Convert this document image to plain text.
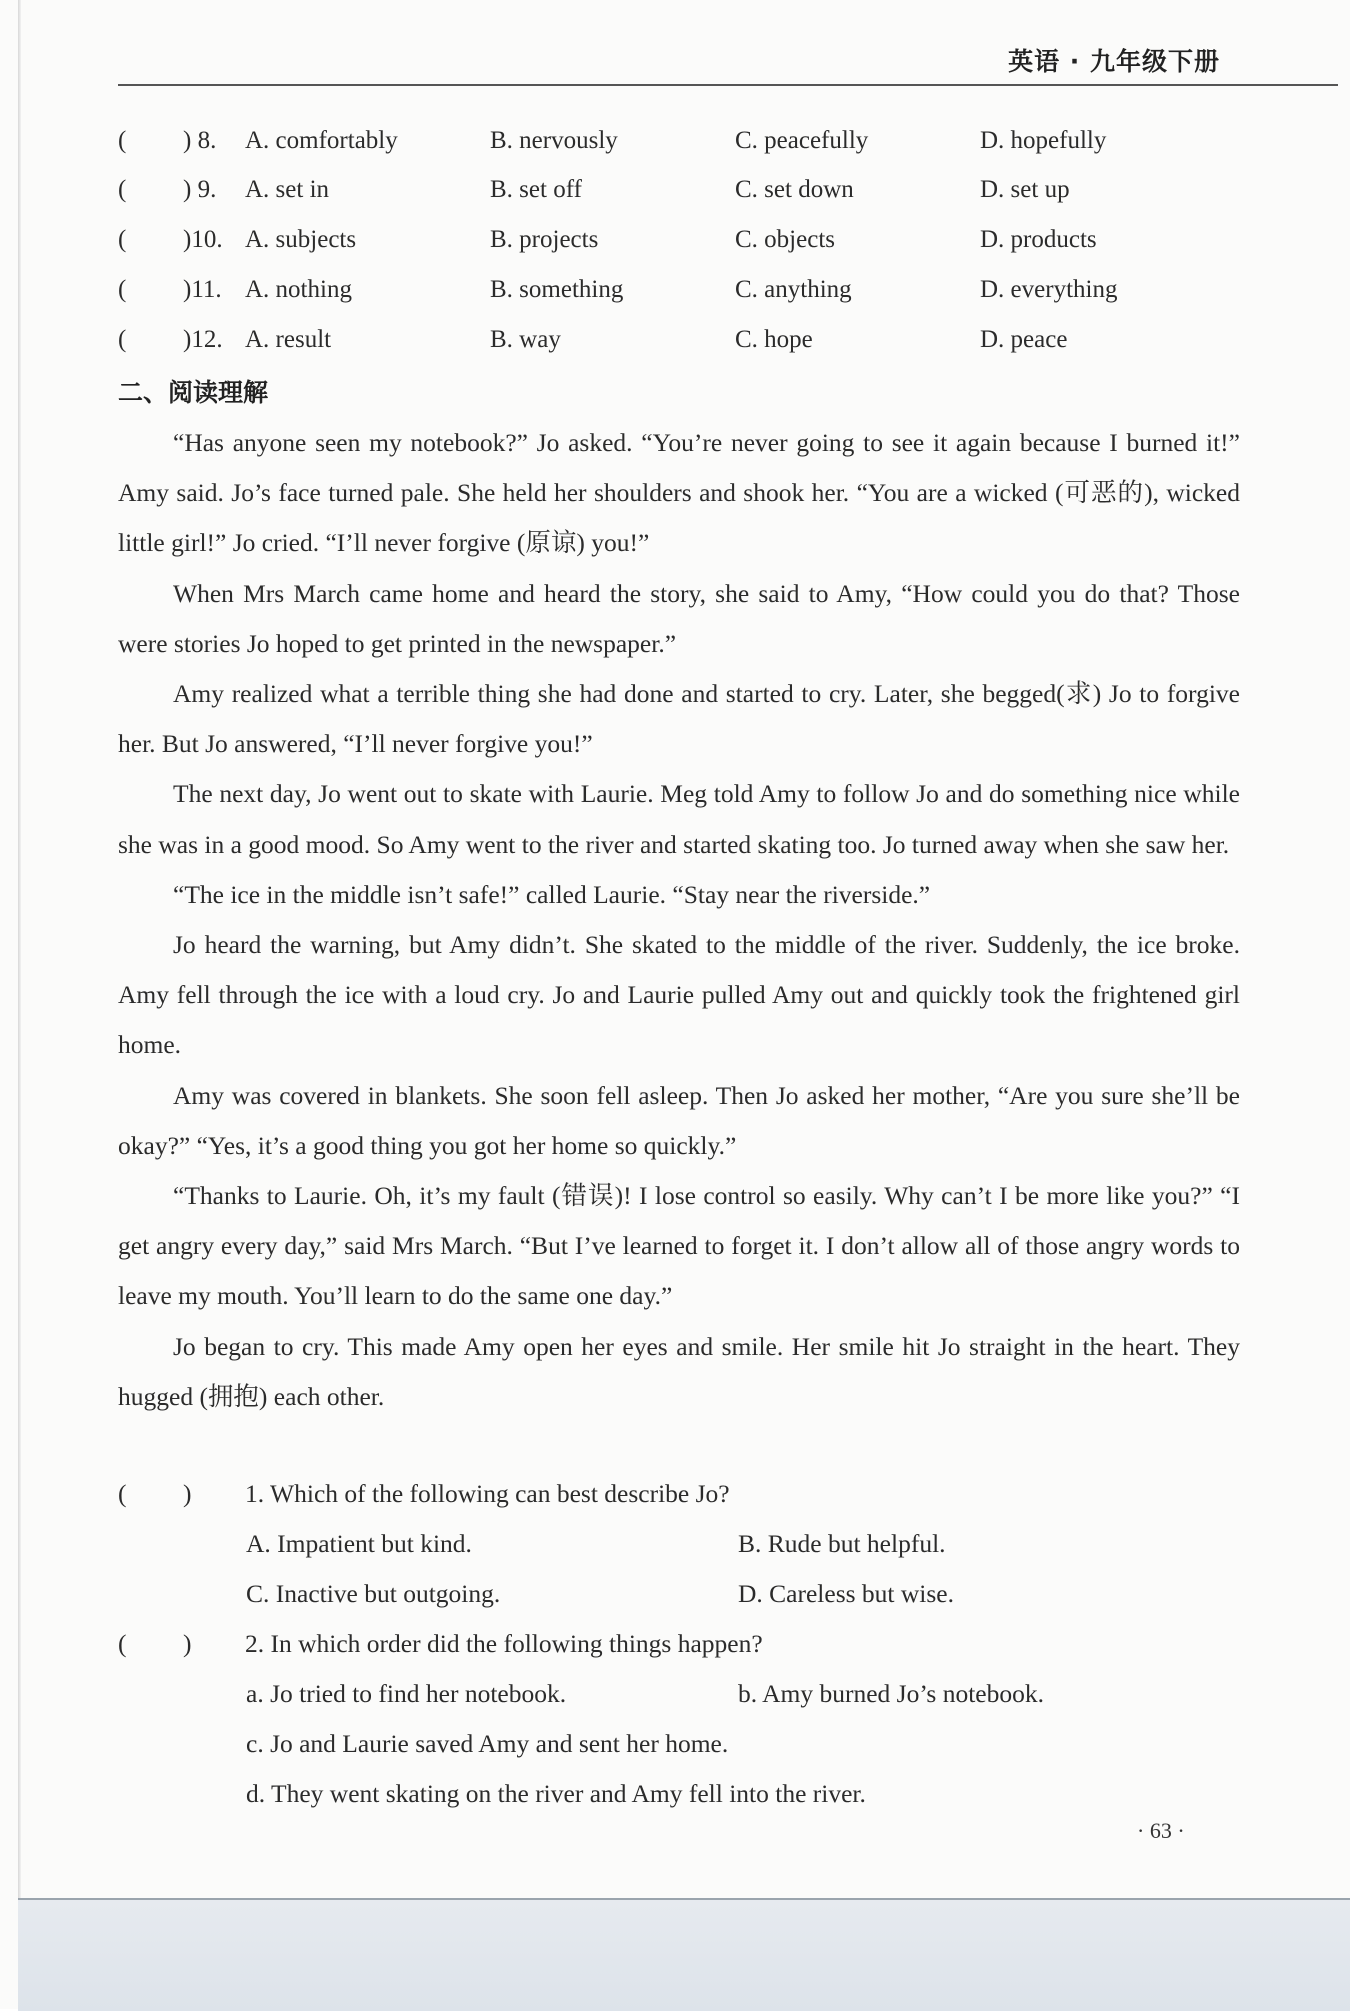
英语 · 九年级下册
( ) 8. A. comfortably	B. nervously	C. peacefully	D. hopefully
( ) 9. A. set in	B. set off	C. set down	D. set up
( )10. A. subjects	B. projects	C. objects	D. products
( )11. A. nothing	B. something	C. anything	D. everything
( )12. A. result	B. way	C. hope	D. peace
二、阅读理解

“Has anyone seen my notebook?” Jo asked. “You’re never going to see it again because I burned it!” Amy said. Jo’s face turned pale. She held her shoulders and shook her. “You are a wicked (可恶的), wicked little girl!” Jo cried. “I’ll never forgive (原谅) you!”

When Mrs March came home and heard the story, she said to Amy, “How could you do that? Those were stories Jo hoped to get printed in the newspaper.”

Amy realized what a terrible thing she had done and started to cry. Later, she begged(求) Jo to forgive her. But Jo answered, “I’ll never forgive you!”

The next day, Jo went out to skate with Laurie. Meg told Amy to follow Jo and do something nice while she was in a good mood. So Amy went to the river and started skating too. Jo turned away when she saw her.

“The ice in the middle isn’t safe!” called Laurie. “Stay near the riverside.”

Jo heard the warning, but Amy didn’t. She skated to the middle of the river. Suddenly, the ice broke. Amy fell through the ice with a loud cry. Jo and Laurie pulled Amy out and quickly took the frightened girl home.

Amy was covered in blankets. She soon fell asleep. Then Jo asked her mother, “Are you sure she’ll be okay?” “Yes, it’s a good thing you got her home so quickly.”

“Thanks to Laurie. Oh, it’s my fault (错误)! I lose control so easily. Why can’t I be more like you?” “I get angry every day,” said Mrs March. “But I’ve learned to forget it. I don’t allow all of those angry words to leave my mouth. You’ll learn to do the same one day.”

Jo began to cry. This made Amy open her eyes and smile. Her smile hit Jo straight in the heart. They hugged (拥抱) each other.

( ) 1. Which of the following can best describe Jo?
A. Impatient but kind.	B. Rude but helpful.
C. Inactive but outgoing.	D. Careless but wise.
( ) 2. In which order did the following things happen?
a. Jo tried to find her notebook.	b. Amy burned Jo’s notebook.
c. Jo and Laurie saved Amy and sent her home.
d. They went skating on the river and Amy fell into the river.
· 63 ·
